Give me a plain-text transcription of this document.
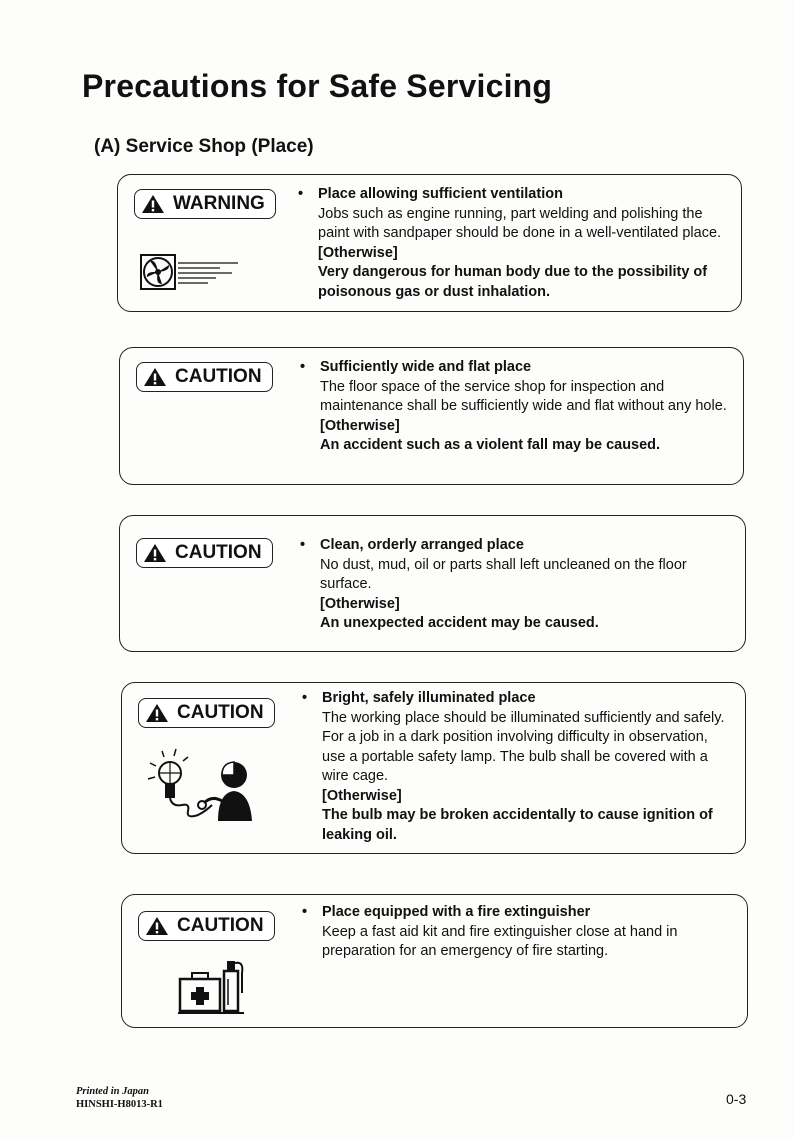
Precautions for Safe Servicing
(A) Service Shop (Place)
WARNING •	Place allowing sufficient ventilation
Jobs such as engine running, part welding and polishing the paint with sandpaper should be done in a well-ventilated place.
[Otherwise]
Very dangerous for human body due to the possibility of poisonous gas or dust inhalation.
CAUTION	•	Sufficiently wide and flat place
The floor space of the service shop for inspection and maintenance shall be sufficiently wide and flat without any hole.
[Otherwise]
An accident such as a violent fall may be caused.
CAUTION	•	Clean, orderly arranged place
No dust, mud, oil or parts shall left uncleaned on the floor surface.
[Otherwise]
An unexpected accident may be caused.
CAUTION
•	Bright, safely illuminated place
The working place should be illuminated sufficiently and safely. For a job in a dark position involving difficulty in observation, use a portable safety lamp. The bulb shall be covered with a wire cage.
[Otherwise]
The bulb may be broken accidentally to cause ignition of leaking oil.
CAUTION
•	Place equipped with a fire extinguisher
Keep a fast aid kit and fire extinguisher close at hand in preparation for an emergency of fire starting.
Printed in Japan
HINSHI-H8013-R1	0-3
